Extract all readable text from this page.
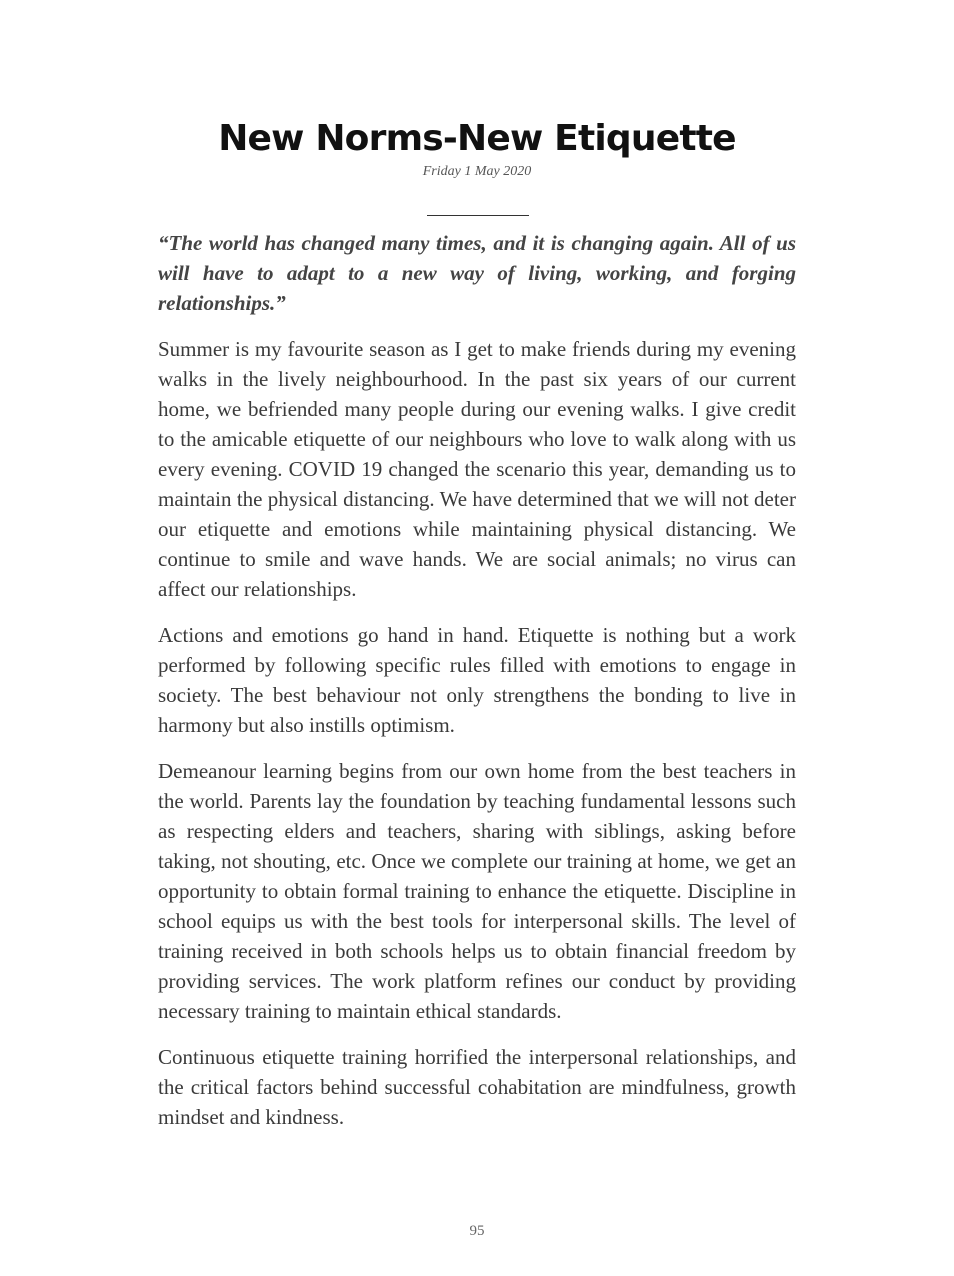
New Norms-New Etiquette
Friday 1 May 2020

“The world has changed many times, and it is changing again. All of us will have to adapt to a new way of living, working, and forging relationships.”

Summer is my favourite season as I get to make friends during my evening walks in the lively neighbourhood. In the past six years of our current home, we befriended many people during our evening walks. I give credit to the amicable etiquette of our neighbours who love to walk along with us every evening. COVID 19 changed the scenario this year, demanding us to maintain the physical distancing. We have determined that we will not deter our etiquette and emotions while maintaining physical distancing. We continue to smile and wave hands. We are social animals; no virus can affect our relationships.

Actions and emotions go hand in hand. Etiquette is nothing but a work performed by following specific rules filled with emotions to engage in society. The best behaviour not only strengthens the bonding to live in harmony but also instills optimism.

Demeanour learning begins from our own home from the best teachers in the world. Parents lay the foundation by teaching fundamental lessons such as respecting elders and teachers, sharing with siblings, asking before taking, not shouting, etc. Once we complete our training at home, we get an opportunity to obtain formal training to enhance the etiquette. Discipline in school equips us with the best tools for interpersonal skills. The level of training received in both schools helps us to obtain financial freedom by providing services. The work platform refines our conduct by providing necessary training to maintain ethical standards.

Continuous etiquette training horrified the interpersonal relationships, and the critical factors behind successful cohabitation are mindfulness, growth mindset and kindness.

95
